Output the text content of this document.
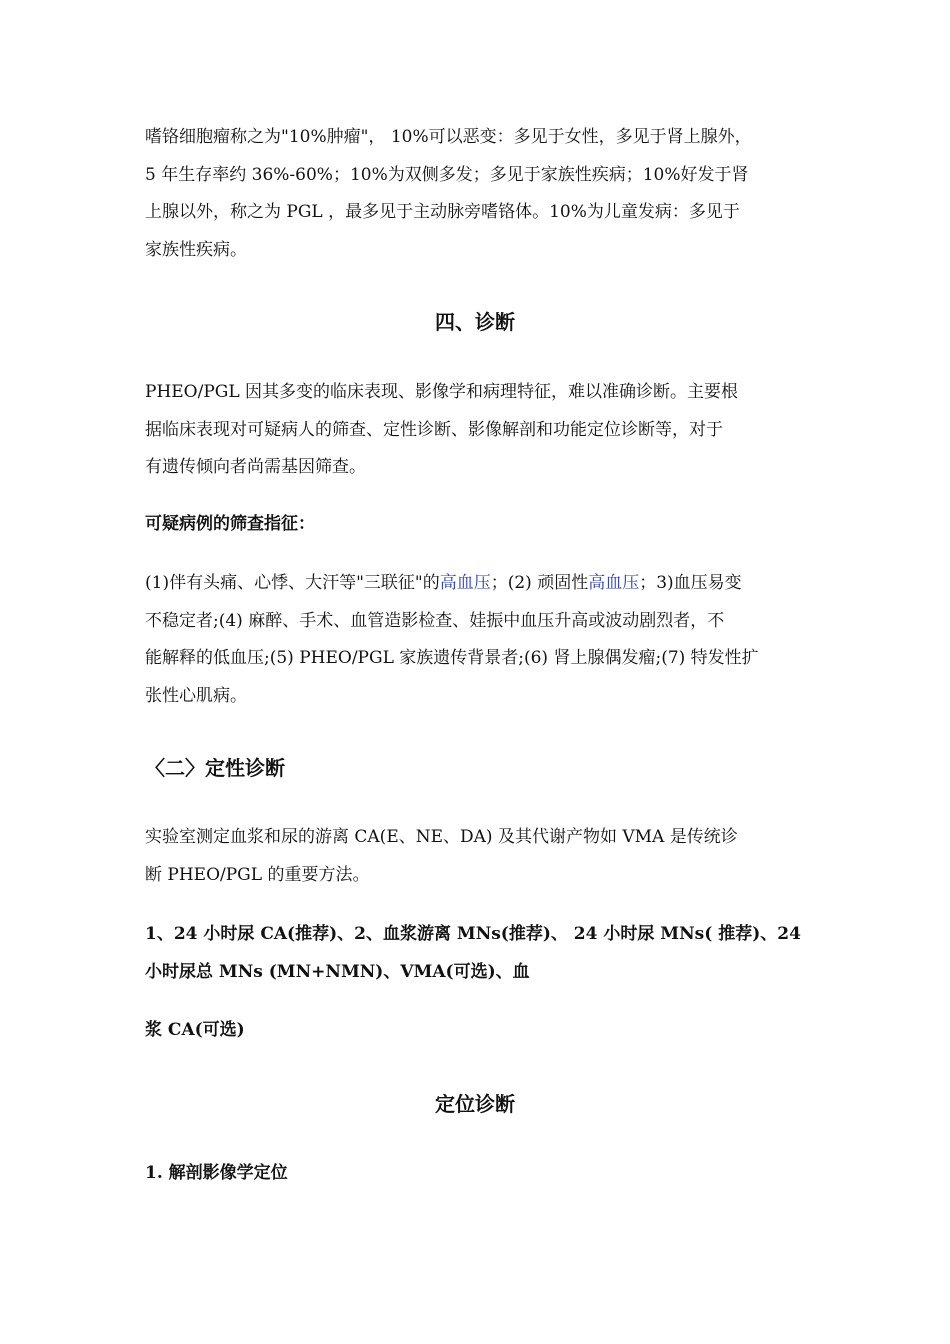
嗜铬细胞瘤称之为"10%肿瘤"， 10%可以恶变：多见于女性，多见于肾上腺外，
5 年生存率约 36%-60%；10%为双侧多发；多见于家族性疾病；10%好发于肾
上腺以外，称之为 PGL ，最多见于主动脉旁嗜铬体。10%为儿童发病：多见于
家族性疾病。
四、诊断
PHEO/PGL 因其多变的临床表现、影像学和病理特征，难以准确诊断。主要根
据临床表现对可疑病人的筛查、定性诊断、影像解剖和功能定位诊断等，对于
有遗传倾向者尚需基因筛查。
可疑病例的筛查指征：
(1)伴有头痛、心悸、大汗等"三联征"的高血压；(2) 顽固性高血压；3)血压易变
不稳定者;(4) 麻醉、手术、血管造影检查、娃振中血压升高或波动剧烈者，不
能解释的低血压;(5) PHEO/PGL 家族遗传背景者;(6) 肾上腺偶发瘤;(7) 特发性扩
张性心肌病。
〈二〉定性诊断
实验室测定血浆和尿的游离 CA(E、NE、DA) 及其代谢产物如 VMA 是传统诊
断 PHEO/PGL 的重要方法。
1、24 小时尿 CA(推荐)、2、血浆游离 MNs(推荐)、 24 小时尿 MNs( 推荐)、24
小时尿总 MNs (MN+NMN)、VMA(可选)、血
浆 CA(可选)
定位诊断
1. 解剖影像学定位
